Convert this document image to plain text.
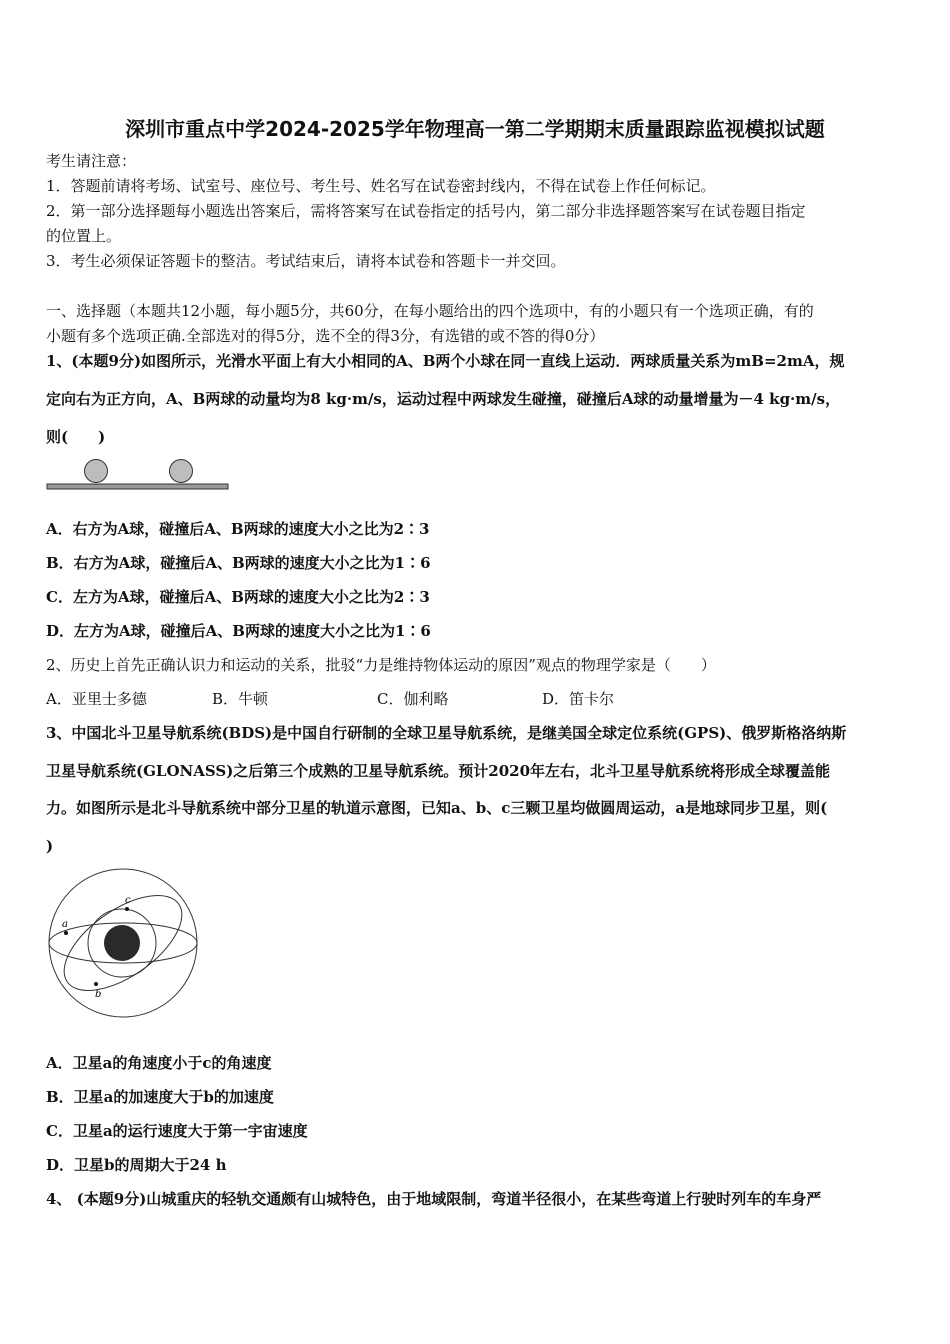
深圳市重点中学2024-2025学年物理高一第二学期期末质量跟踪监视模拟试题
考生请注意：
1．答题前请将考场、试室号、座位号、考生号、姓名写在试卷密封线内，不得在试卷上作任何标记。
2．第一部分选择题每小题选出答案后，需将答案写在试卷指定的括号内，第二部分非选择题答案写在试卷题目指定
的位置上。
3．考生必须保证答题卡的整洁。考试结束后，请将本试卷和答题卡一并交回。
一、选择题（本题共12小题，每小题5分，共60分，在每小题给出的四个选项中，有的小题只有一个选项正确，有的
小题有多个选项正确.全部选对的得5分，选不全的得3分，有选错的或不答的得0分）
1、(本题9分)如图所示，光滑水平面上有大小相同的A、B两个小球在同一直线上运动．两球质量关系为mB=2mA，规
定向右为正方向，A、B两球的动量均为8 kg·m/s，运动过程中两球发生碰撞，碰撞后A球的动量增量为－4 kg·m/s，
则(　　)
A．右方为A球，碰撞后A、B两球的速度大小之比为2∶3
B．右方为A球，碰撞后A、B两球的速度大小之比为1∶6
C．左方为A球，碰撞后A、B两球的速度大小之比为2∶3
D．左方为A球，碰撞后A、B两球的速度大小之比为1∶6
2、历史上首先正确认识力和运动的关系，批驳“力是维持物体运动的原因”观点的物理学家是（　　）
A．亚里士多德	B．牛顿	C．伽利略	D．笛卡尔
3、中国北斗卫星导航系统(BDS)是中国自行研制的全球卫星导航系统，是继美国全球定位系统(GPS)、俄罗斯格洛纳斯
卫星导航系统(GLONASS)之后第三个成熟的卫星导航系统。预计2020年左右，北斗卫星导航系统将形成全球覆盖能
力。如图所示是北斗导航系统中部分卫星的轨道示意图，已知a、b、c三颗卫星均做圆周运动，a是地球同步卫星，则(
)
a
b
c
A．卫星a的角速度小于c的角速度
B．卫星a的加速度大于b的加速度
C．卫星a的运行速度大于第一宇宙速度
D．卫星b的周期大于24 h
4、 (本题9分)山城重庆的轻轨交通颇有山城特色，由于地域限制，弯道半径很小，在某些弯道上行驶时列车的车身严
